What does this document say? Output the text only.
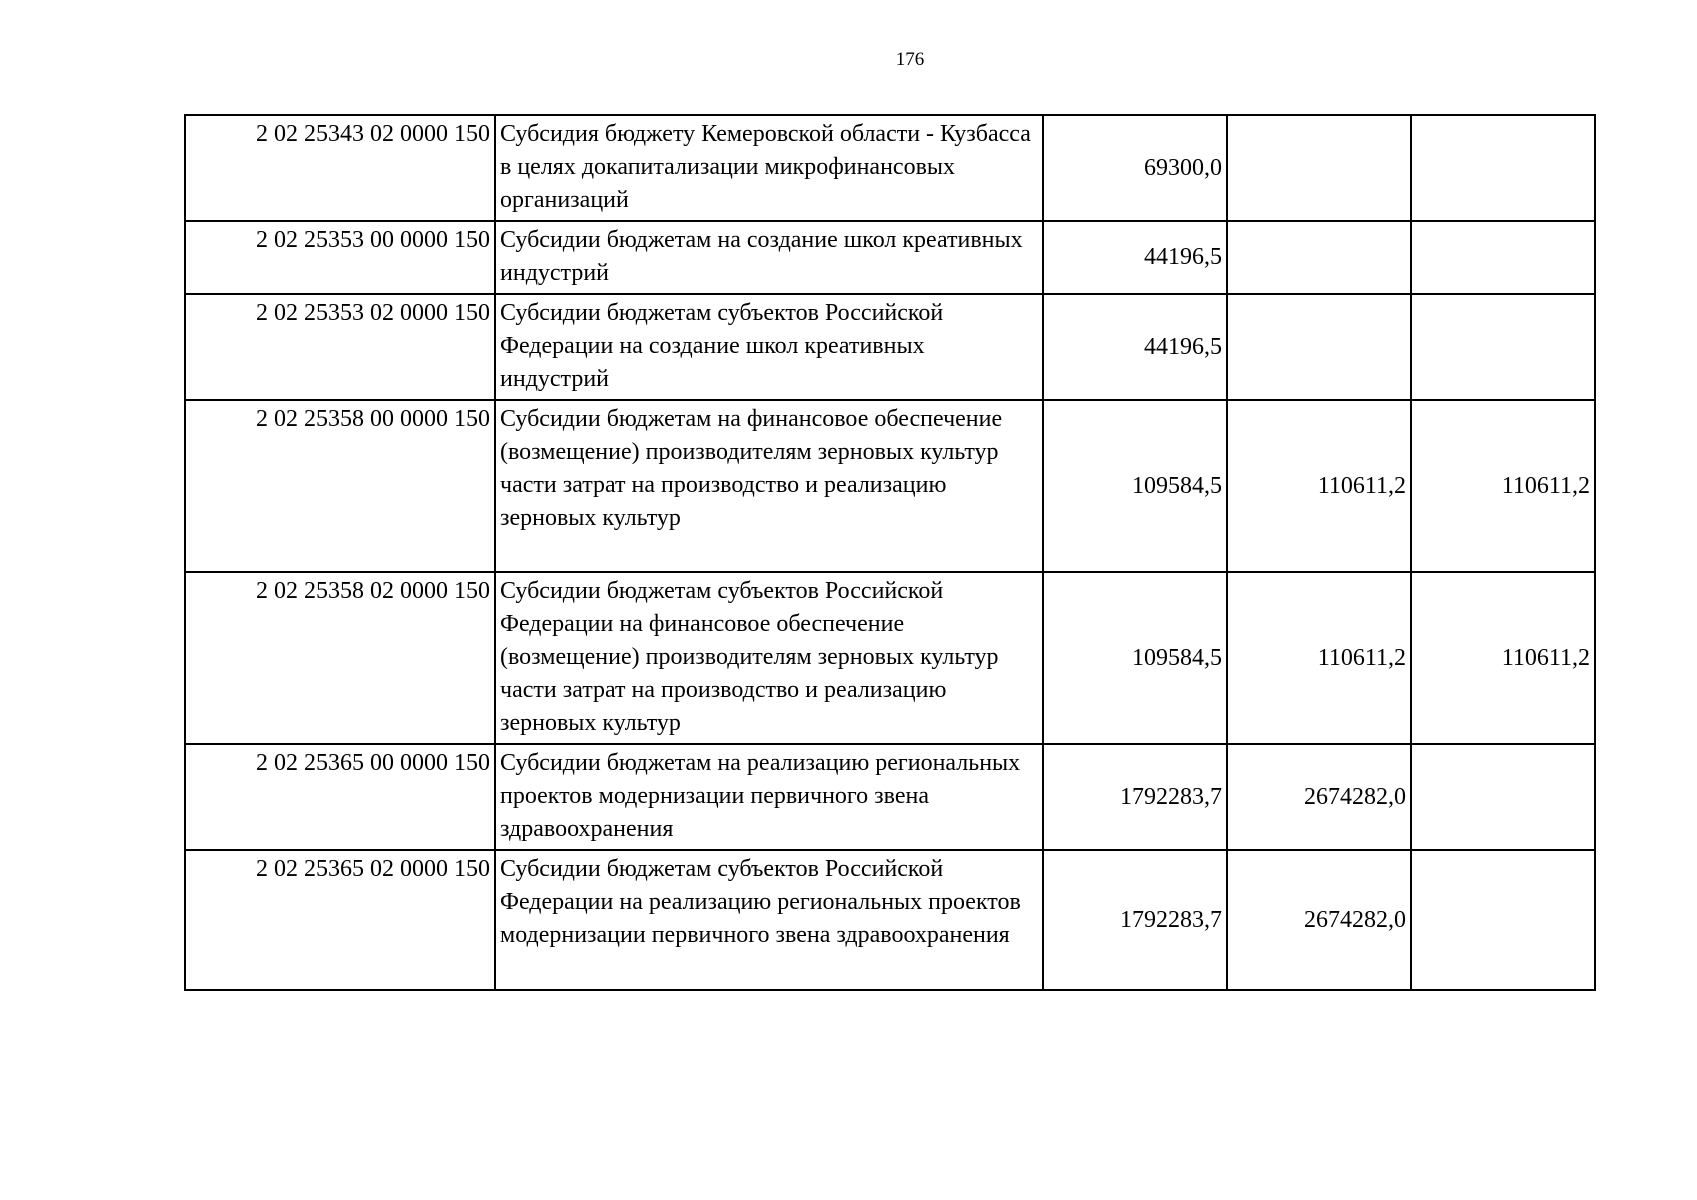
176
2 02 25343 02 0000 150	Субсидия бюджету Кемеровской области - Кузбасса в целях докапитализации микрофинансовых организаций	69300,0		
2 02 25353 00 0000 150	Субсидии бюджетам на создание школ креативных индустрий	44196,5		
2 02 25353 02 0000 150	Субсидии бюджетам субъектов Российской Федерации на создание школ креативных индустрий	44196,5		
2 02 25358 00 0000 150	Субсидии бюджетам на финансовое обеспечение (возмещение) производителям зерновых культур части затрат на производство и реализацию зерновых культур	109584,5	110611,2	110611,2
2 02 25358 02 0000 150	Субсидии бюджетам субъектов Российской Федерации на финансовое обеспечение (возмещение) производителям зерновых культур части затрат на производство и реализацию зерновых культур	109584,5	110611,2	110611,2
2 02 25365 00 0000 150	Субсидии бюджетам на реализацию региональных проектов модернизации первичного звена здравоохранения	1792283,7	2674282,0	
2 02 25365 02 0000 150	Субсидии бюджетам субъектов Российской Федерации на реализацию региональных проектов модернизации первичного звена здравоохранения	1792283,7	2674282,0	
